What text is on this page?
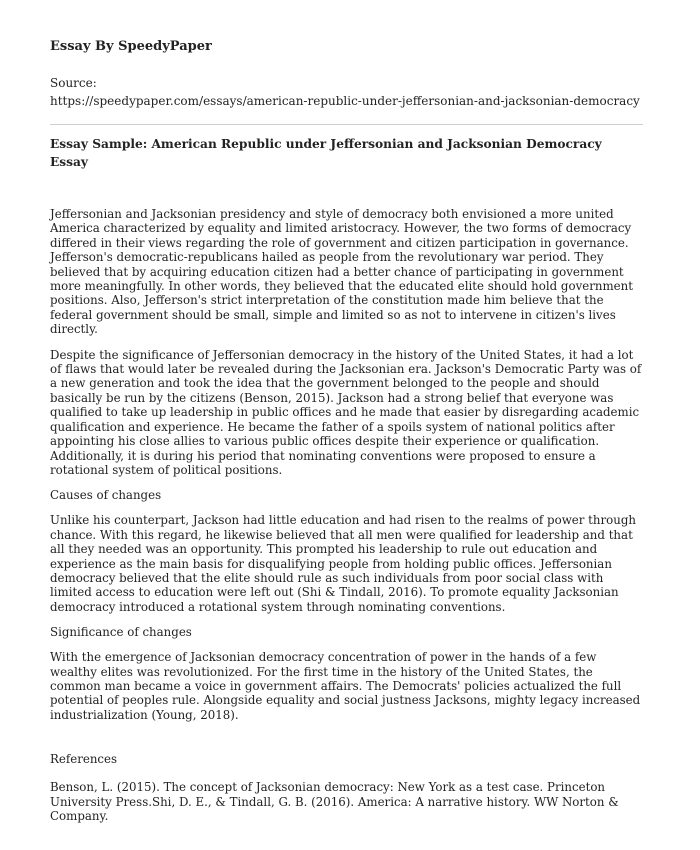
Essay By SpeedyPaper

Source:
https://speedypaper.com/essays/american-republic-under-jeffersonian-and-jacksonian-democracy

Essay Sample: American Republic under Jeffersonian and Jacksonian Democracy Essay

Jeffersonian and Jacksonian presidency and style of democracy both envisioned a more united America characterized by equality and limited aristocracy. However, the two forms of democracy differed in their views regarding the role of government and citizen participation in governance. Jefferson's democratic-republicans hailed as people from the revolutionary war period. They believed that by acquiring education citizen had a better chance of participating in government more meaningfully. In other words, they believed that the educated elite should hold government positions. Also, Jefferson's strict interpretation of the constitution made him believe that the federal government should be small, simple and limited so as not to intervene in citizen's lives directly.

Despite the significance of Jeffersonian democracy in the history of the United States, it had a lot of flaws that would later be revealed during the Jacksonian era. Jackson's Democratic Party was of a new generation and took the idea that the government belonged to the people and should basically be run by the citizens (Benson, 2015). Jackson had a strong belief that everyone was qualified to take up leadership in public offices and he made that easier by disregarding academic qualification and experience. He became the father of a spoils system of national politics after appointing his close allies to various public offices despite their experience or qualification. Additionally, it is during his period that nominating conventions were proposed to ensure a rotational system of political positions.

Causes of changes

Unlike his counterpart, Jackson had little education and had risen to the realms of power through chance. With this regard, he likewise believed that all men were qualified for leadership and that all they needed was an opportunity. This prompted his leadership to rule out education and experience as the main basis for disqualifying people from holding public offices. Jeffersonian democracy believed that the elite should rule as such individuals from poor social class with limited access to education were left out (Shi & Tindall, 2016). To promote equality Jacksonian democracy introduced a rotational system through nominating conventions.

Significance of changes

With the emergence of Jacksonian democracy concentration of power in the hands of a few wealthy elites was revolutionized. For the first time in the history of the United States, the common man became a voice in government affairs. The Democrats' policies actualized the full potential of peoples rule. Alongside equality and social justness Jacksons, mighty legacy increased industrialization (Young, 2018).

References

Benson, L. (2015). The concept of Jacksonian democracy: New York as a test case. Princeton University Press.Shi, D. E., & Tindall, G. B. (2016). America: A narrative history. WW Norton & Company.
